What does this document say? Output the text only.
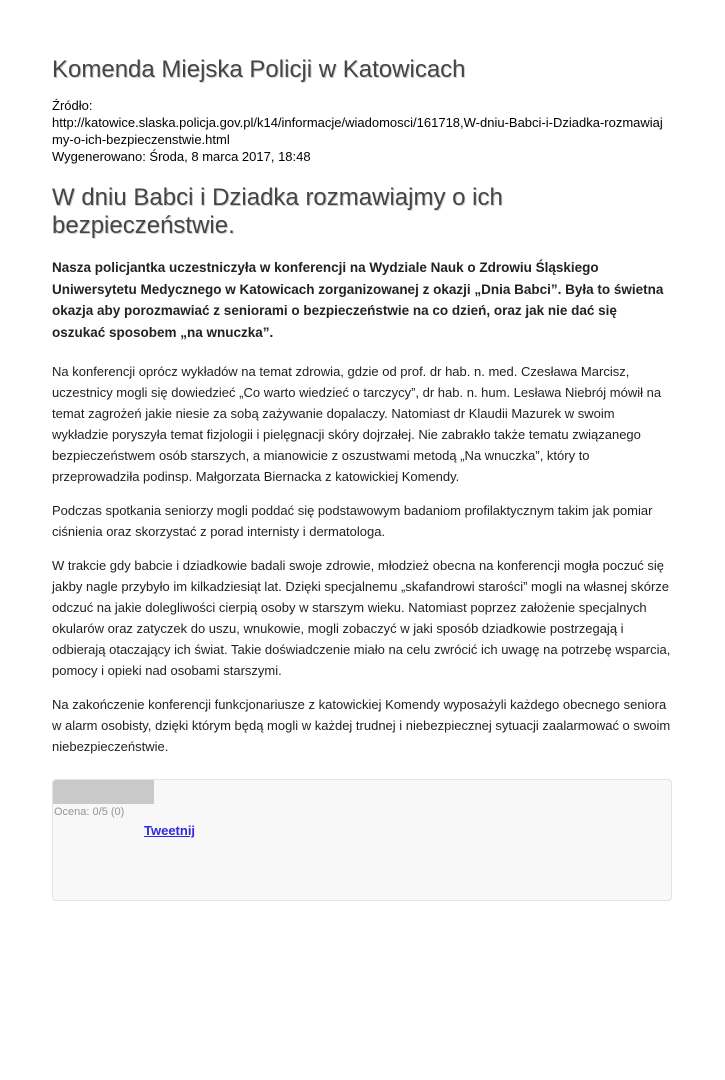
Komenda Miejska Policji w Katowicach
Źródło:
http://katowice.slaska.policja.gov.pl/k14/informacje/wiadomosci/161718,W-dniu-Babci-i-Dziadka-rozmawiajmy-o-ich-bezpieczenstwie.html
Wygenerowano: Środa, 8 marca 2017, 18:48
W dniu Babci i Dziadka rozmawiajmy o ich bezpieczeństwie.

Nasza policjantka uczestniczyła w konferencji na Wydziale Nauk o Zdrowiu Śląskiego Uniwersytetu Medycznego w Katowicach zorganizowanej z okazji „Dnia Babci”. Była to świetna okazja aby porozmawiać z seniorami o bezpieczeństwie na co dzień, oraz jak nie dać się oszukać sposobem „na wnuczka”.

Na konferencji oprócz wykładów na temat zdrowia, gdzie od prof. dr hab. n. med. Czesława Marcisz, uczestnicy mogli się dowiedzieć „Co warto wiedzieć o tarczycy”, dr hab. n. hum. Lesława Niebrój mówił na temat zagrożeń jakie niesie za sobą zażywanie dopalaczy. Natomiast dr Klaudii Mazurek w swoim wykładzie poryszyła temat fizjologii i pielęgnacji skóry dojrzałej. Nie zabrakło także tematu związanego bezpieczeństwem osób starszych, a mianowicie z oszustwami metodą „Na wnuczka”, który to przeprowadziła podinsp. Małgorzata Biernacka z katowickiej Komendy.

Podczas spotkania seniorzy mogli poddać się podstawowym badaniom profilaktycznym takim jak pomiar ciśnienia oraz skorzystać z porad internisty i dermatologa.

W trakcie gdy babcie i dziadkowie badali swoje zdrowie, młodzież obecna na konferencji mogła poczuć się jakby nagle przybyło im kilkadziesiąt lat. Dzięki specjalnemu „skafandrowi starości” mogli na własnej skórze odczuć na jakie dolegliwości cierpią osoby w starszym wieku. Natomiast poprzez założenie specjalnych okularów oraz zatyczek do uszu, wnukowie, mogli zobaczyć w jaki sposób dziadkowie postrzegają i odbierają otaczający ich świat. Takie doświadczenie miało na celu zwrócić ich uwagę na potrzebę wsparcia, pomocy i opieki nad osobami starszymi.

Na zakończenie konferencji funkcjonariusze z katowickiej Komendy wyposażyli każdego obecnego seniora w alarm osobisty, dzięki którym będą mogli w każdej trudnej i niebezpiecznej sytuacji zaalarmować o swoim niebezpieczeństwie.

Ocena: 0/5 (0)
Tweetnij
